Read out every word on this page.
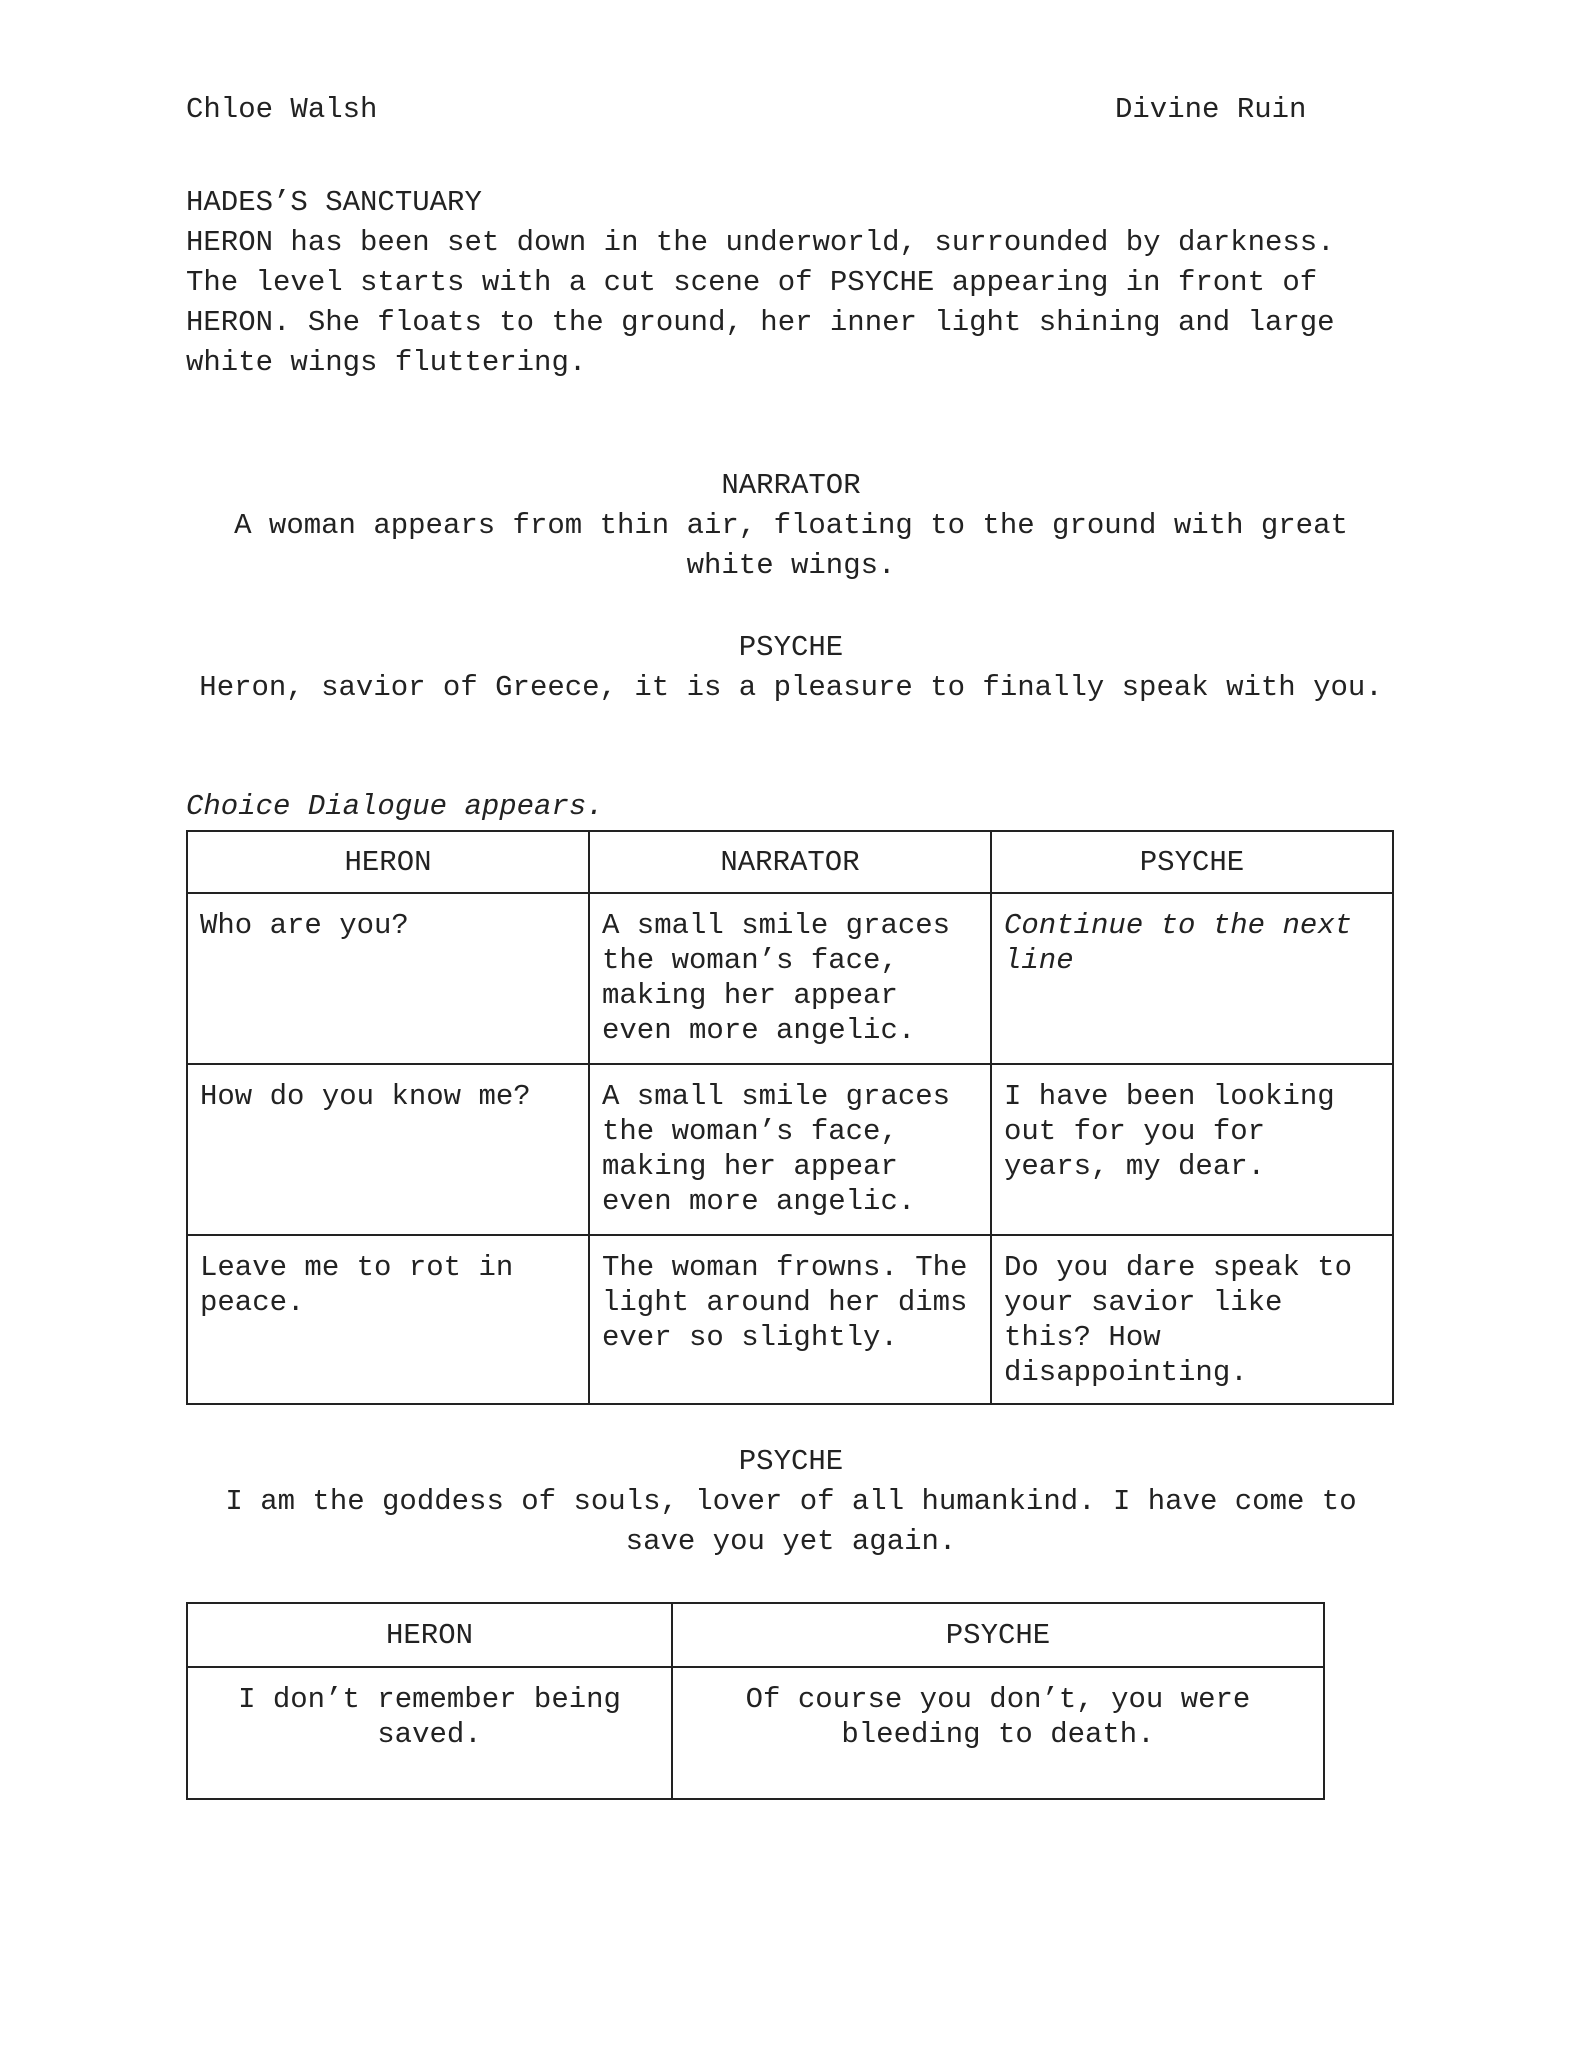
Chloe Walsh	Divine Ruin

HADES’S SANCTUARY

HERON has been set down in the underworld, surrounded by darkness.

The level starts with a cut scene of PSYCHE appearing in front of HERON. She floats to the ground, her inner light shining and large white wings fluttering.

NARRATOR

A woman appears from thin air, floating to the ground with great white wings.

PSYCHE

Heron, savior of Greece, it is a pleasure to finally speak with you.

Choice Dialogue appears.
HERON	NARRATOR	PSYCHE
Who are you?	A small smile graces the woman’s face, making her appear even more angelic.	Continue to the next line
How do you know me?	A small smile graces the woman’s face, making her appear even more angelic.	I have been looking out for you for years, my dear.
Leave me to rot in peace.	The woman frowns. The light around her dims ever so slightly.	Do you dare speak to your savior like this? How disappointing.

PSYCHE

I am the goddess of souls, lover of all humankind. I have come to save you yet again.

HERON	PSYCHE
I don’t remember being saved.	Of course you don’t, you were bleeding to death.
